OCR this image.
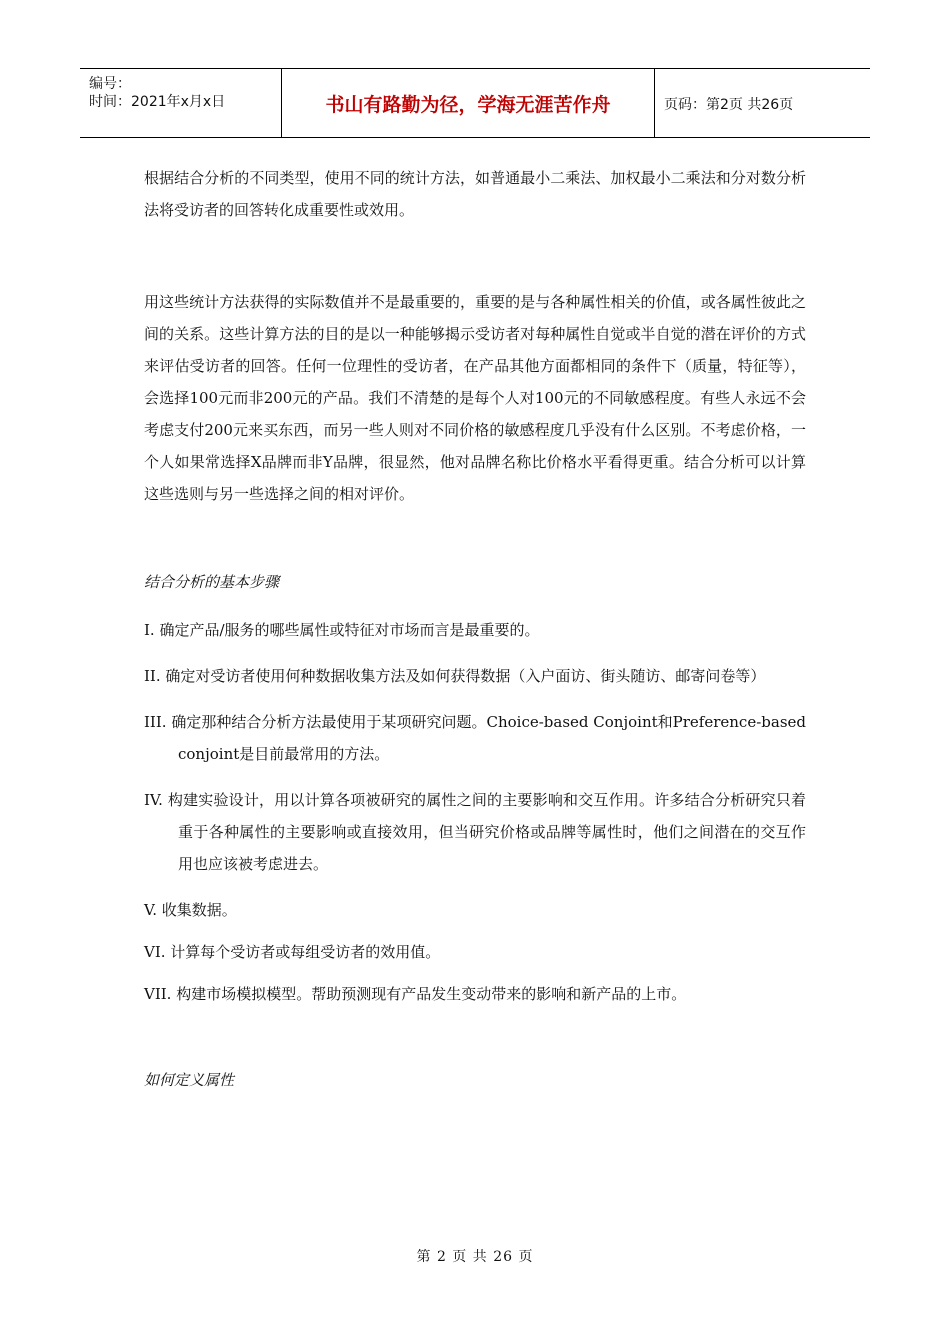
编号：
时间：2021年x月x日	书山有路勤为径，学海无涯苦作舟	页码：第2页 共26页

根据结合分析的不同类型，使用不同的统计方法，如普通最小二乘法、加权最小二乘法和分对数分析法将受访者的回答转化成重要性或效用。

用这些统计方法获得的实际数值并不是最重要的，重要的是与各种属性相关的价值，或各属性彼此之间的关系。这些计算方法的目的是以一种能够揭示受访者对每种属性自觉或半自觉的潜在评价的方式来评估受访者的回答。任何一位理性的受访者，在产品其他方面都相同的条件下（质量，特征等），会选择100元而非200元的产品。我们不清楚的是每个人对100元的不同敏感程度。有些人永远不会考虑支付200元来买东西，而另一些人则对不同价格的敏感程度几乎没有什么区别。不考虑价格，一个人如果常选择X品牌而非Y品牌，很显然，他对品牌名称比价格水平看得更重。结合分析可以计算这些选则与另一些选择之间的相对评价。

结合分析的基本步骤

I. 确定产品/服务的哪些属性或特征对市场而言是最重要的。

II. 确定对受访者使用何种数据收集方法及如何获得数据（入户面访、街头随访、邮寄问卷等）

III. 确定那种结合分析方法最使用于某项研究问题。Choice-based Conjoint和Preference-based conjoint是目前最常用的方法。

IV. 构建实验设计，用以计算各项被研究的属性之间的主要影响和交互作用。许多结合分析研究只着重于各种属性的主要影响或直接效用，但当研究价格或品牌等属性时，他们之间潜在的交互作用也应该被考虑进去。

V. 收集数据。

VI. 计算每个受访者或每组受访者的效用值。

VII. 构建市场模拟模型。帮助预测现有产品发生变动带来的影响和新产品的上市。

如何定义属性

第 2 页 共 26 页
